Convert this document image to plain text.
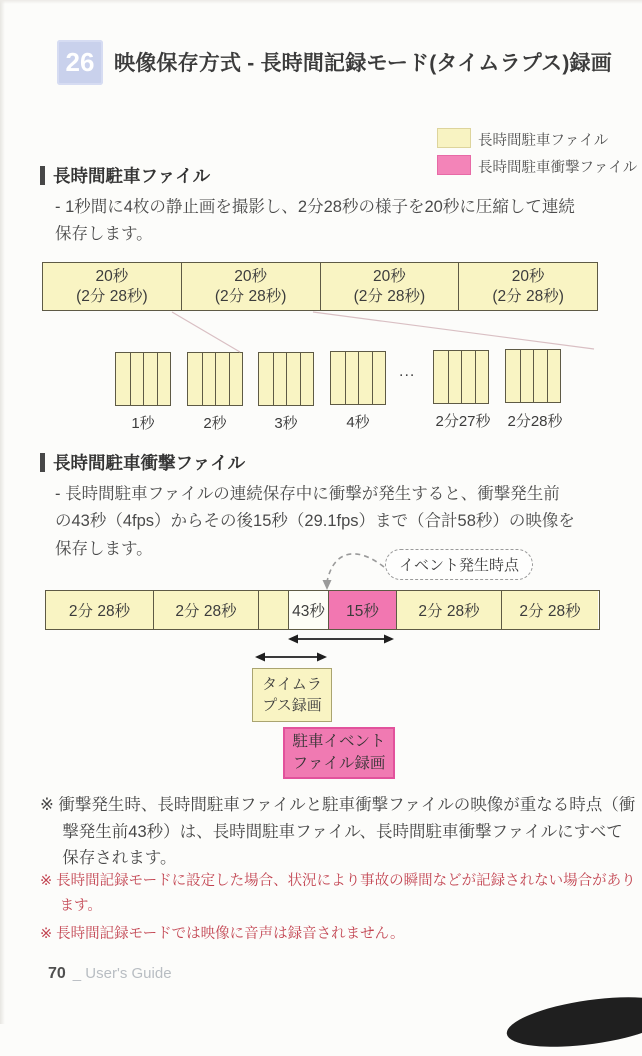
26 映像保存方式 - 長時間記録モード(タイムラプス)録画
長時間駐車ファイル
長時間駐車衝撃ファイル
長時間駐車ファイル
- 1秒間に4枚の静止画を撮影し、2分28秒の様子を20秒に圧縮して連続保存します。
20秒
(2分 28秒)
20秒
(2分 28秒)
20秒
(2分 28秒)
20秒
(2分 28秒)
...
1秒	2秒	3秒	4秒	2分27秒	2分28秒
長時間駐車衝撃ファイル
- 長時間駐車ファイルの連続保存中に衝撃が発生すると、衝撃発生前の43秒（4fps）からその後15秒（29.1fps）まで（合計58秒）の映像を保存します。
イベント発生時点
2分 28秒	2分 28秒	43秒	15秒	2分 28秒	2分 28秒
タイムラプス録画
駐車イベントファイル録画
※ 衝撃発生時、長時間駐車ファイルと駐車衝撃ファイルの映像が重なる時点（衝撃発生前43秒）は、長時間駐車ファイル、長時間駐車衝撃ファイルにすべて保存されます。
※ 長時間記録モードに設定した場合、状況により事故の瞬間などが記録されない場合があります。
※ 長時間記録モードでは映像に音声は録音されません。
70 _ User's Guide
